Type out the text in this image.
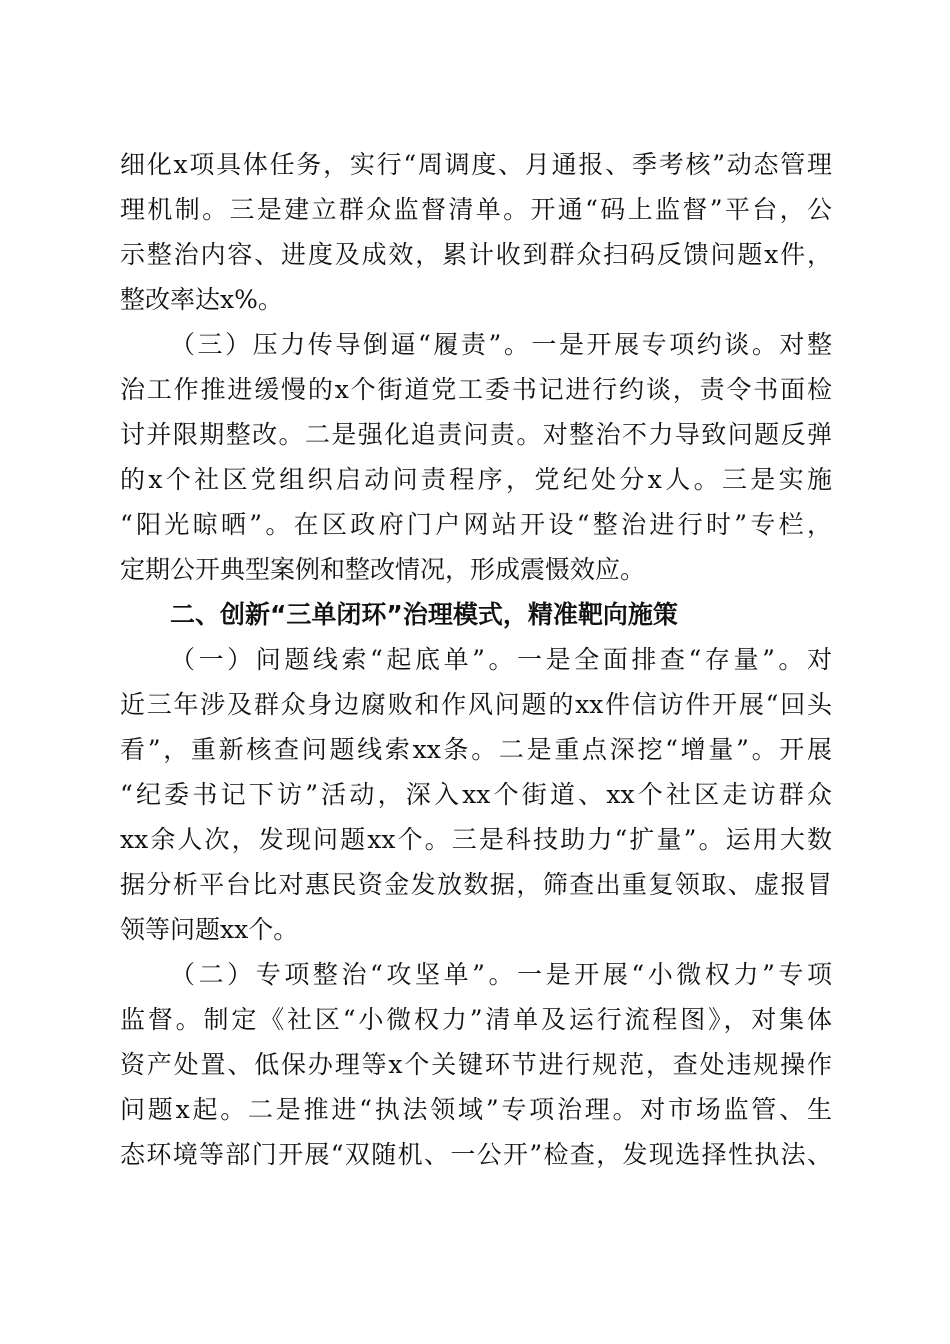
细化x项具体任务，实行“周调度、月通报、季考核”动态管理
理机制。三是建立群众监督清单。开通“码上监督”平台，公
示整治内容、进度及成效，累计收到群众扫码反馈问题x件，
整改率达x%。
（三）压力传导倒逼“履责”。一是开展专项约谈。对整
治工作推进缓慢的x个街道党工委书记进行约谈，责令书面检
讨并限期整改。二是强化追责问责。对整治不力导致问题反弹
的x个社区党组织启动问责程序，党纪处分x人。三是实施
“阳光晾晒”。在区政府门户网站开设“整治进行时”专栏，
定期公开典型案例和整改情况，形成震慑效应。
二、创新“三单闭环”治理模式，精准靶向施策
（一）问题线索“起底单”。一是全面排查“存量”。对
近三年涉及群众身边腐败和作风问题的xx件信访件开展“回头
看”，重新核查问题线索xx条。二是重点深挖“增量”。开展
“纪委书记下访”活动，深入xx个街道、xx个社区走访群众
xx余人次，发现问题xx个。三是科技助力“扩量”。运用大数
据分析平台比对惠民资金发放数据，筛查出重复领取、虚报冒
领等问题xx个。
（二）专项整治“攻坚单”。一是开展“小微权力”专项
监督。制定《社区“小微权力”清单及运行流程图》，对集体
资产处置、低保办理等x个关键环节进行规范，查处违规操作
问题x起。二是推进“执法领域”专项治理。对市场监管、生
态环境等部门开展“双随机、一公开”检查，发现选择性执法、
